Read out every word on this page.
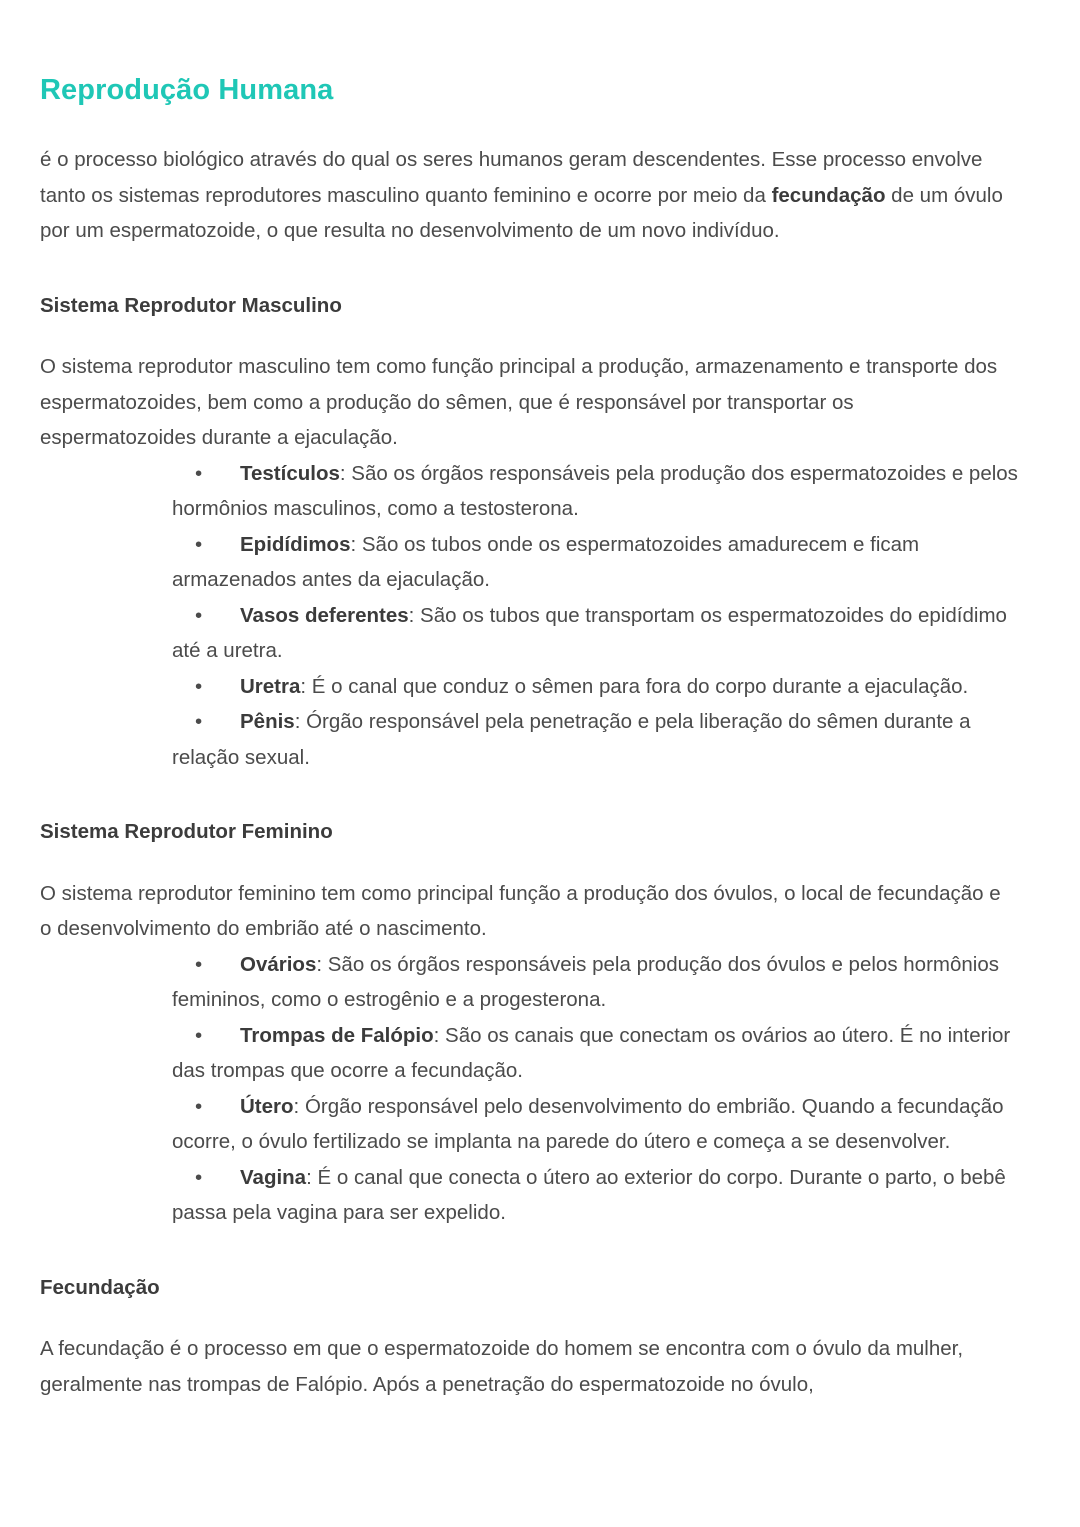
Reprodução Humana

é o processo biológico através do qual os seres humanos geram descendentes. Esse processo envolve tanto os sistemas reprodutores masculino quanto feminino e ocorre por meio da fecundação de um óvulo por um espermatozoide, o que resulta no desenvolvimento de um novo indivíduo.

Sistema Reprodutor Masculino

O sistema reprodutor masculino tem como função principal a produção, armazenamento e transporte dos espermatozoides, bem como a produção do sêmen, que é responsável por transportar os espermatozoides durante a ejaculação.

• Testículos: São os órgãos responsáveis pela produção dos espermatozoides e pelos hormônios masculinos, como a testosterona.
• Epidídimos: São os tubos onde os espermatozoides amadurecem e ficam armazenados antes da ejaculação.
• Vasos deferentes: São os tubos que transportam os espermatozoides do epidídimo até a uretra.
• Uretra: É o canal que conduz o sêmen para fora do corpo durante a ejaculação.
• Pênis: Órgão responsável pela penetração e pela liberação do sêmen durante a relação sexual.
Sistema Reprodutor Feminino

O sistema reprodutor feminino tem como principal função a produção dos óvulos, o local de fecundação e o desenvolvimento do embrião até o nascimento.

• Ovários: São os órgãos responsáveis pela produção dos óvulos e pelos hormônios femininos, como o estrogênio e a progesterona.
• Trompas de Falópio: São os canais que conectam os ovários ao útero. É no interior das trompas que ocorre a fecundação.
• Útero: Órgão responsável pelo desenvolvimento do embrião. Quando a fecundação ocorre, o óvulo fertilizado se implanta na parede do útero e começa a se desenvolver.
• Vagina: É o canal que conecta o útero ao exterior do corpo. Durante o parto, o bebê passa pela vagina para ser expelido.
Fecundação

A fecundação é o processo em que o espermatozoide do homem se encontra com o óvulo da mulher, geralmente nas trompas de Falópio. Após a penetração do espermatozoide no óvulo,
